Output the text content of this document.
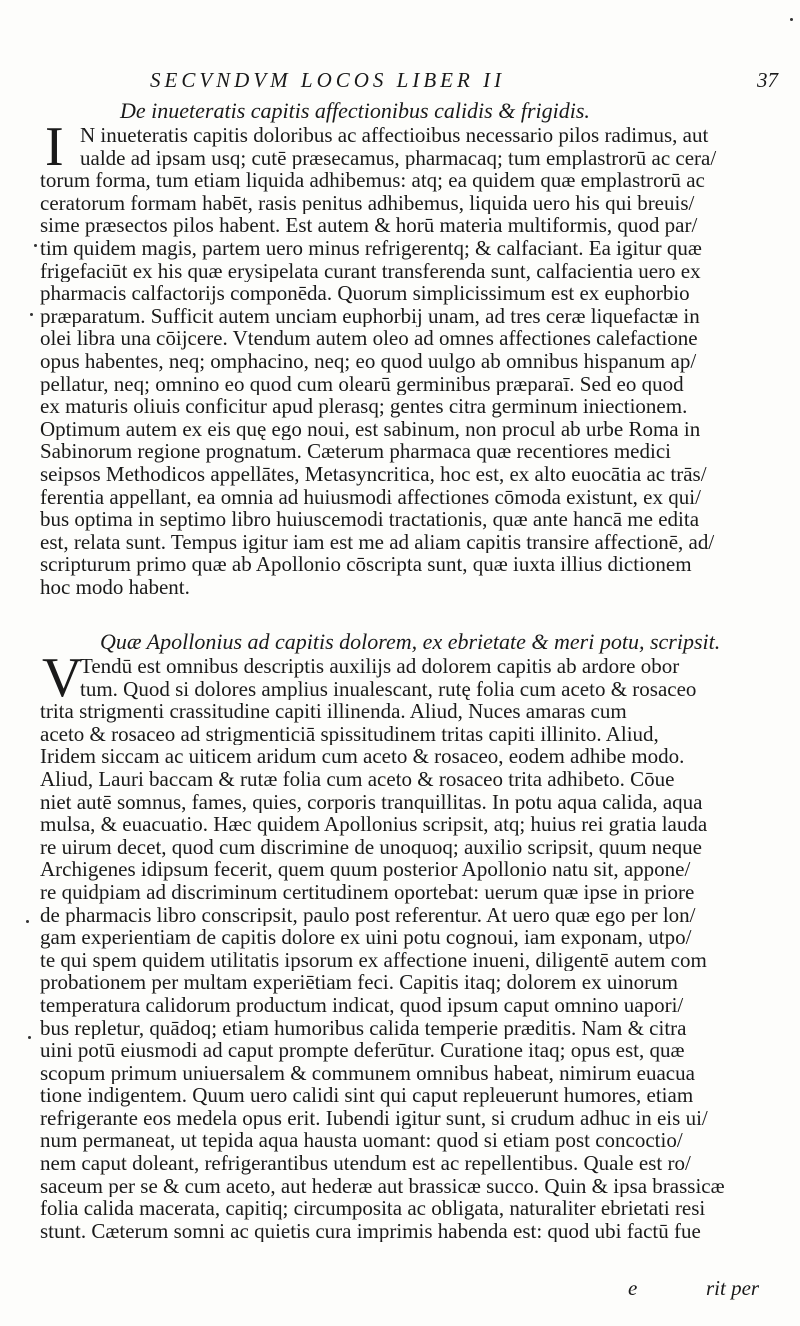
SECVNDVM LOCOS LIBER II	37
De inueteratis capitis affectionibus calidis & frigidis.
I N inueteratis capitis doloribus ac affectioibus necessario pilos radimus, aut
ualde ad ipsam usq; cutē præsecamus, pharmacaq; tum emplastrorū ac cera/
torum forma, tum etiam liquida adhibemus: atq; ea quidem quæ emplastrorū ac
ceratorum formam habēt, rasis penitus adhibemus, liquida uero his qui breuis/
sime præsectos pilos habent. Est autem & horū materia multiformis, quod par/
tim quidem magis, partem uero minus refrigerentq; & calfaciant. Ea igitur quæ
frigefaciūt ex his quæ erysipelata curant transferenda sunt, calfacientia uero ex
pharmacis calfactorijs componēda. Quorum simplicissimum est ex euphorbio
præparatum. Sufficit autem unciam euphorbij unam, ad tres ceræ liquefactæ in
olei libra una cōijcere. Vtendum autem oleo ad omnes affectiones calefactione
opus habentes, neq; omphacino, neq; eo quod uulgo ab omnibus hispanum ap/
pellatur, neq; omnino eo quod cum olearū germinibus præparaī. Sed eo quod
ex maturis oliuis conficitur apud plerasq; gentes citra germinum iniectionem.
Optimum autem ex eis quę ego noui, est sabinum, non procul ab urbe Roma in
Sabinorum regione prognatum. Cæterum pharmaca quæ recentiores medici
seipsos Methodicos appellātes, Metasyncritica, hoc est, ex alto euocātia ac trās/
ferentia appellant, ea omnia ad huiusmodi affectiones cōmoda existunt, ex qui/
bus optima in septimo libro huiuscemodi tractationis, quæ ante hancā me edita
est, relata sunt. Tempus igitur iam est me ad aliam capitis transire affectionē, ad/
scripturum primo quæ ab Apollonio cōscripta sunt, quæ iuxta illius dictionem
hoc modo habent.
Quæ Apollonius ad capitis dolorem, ex ebrietate & meri potu, scripsit.
V
Tendū est omnibus descriptis auxilijs ad dolorem capitis ab ardore obor
tum. Quod si dolores amplius inualescant, rutę folia cum aceto & rosaceo
trita strigmenti crassitudine capiti illinenda. Aliud, Nuces amaras cum
aceto & rosaceo ad strigmenticiā spissitudinem tritas capiti illinito. Aliud,
Iridem siccam ac uiticem aridum cum aceto & rosaceo, eodem adhibe modo.
Aliud, Lauri baccam & rutæ folia cum aceto & rosaceo trita adhibeto. Cōue
niet autē somnus, fames, quies, corporis tranquillitas. In potu aqua calida, aqua
mulsa, & euacuatio. Hæc quidem Apollonius scripsit, atq; huius rei gratia lauda
re uirum decet, quod cum discrimine de unoquoq; auxilio scripsit, quum neque
Archigenes idipsum fecerit, quem quum posterior Apollonio natu sit, appone/
re quidpiam ad discriminum certitudinem oportebat: uerum quæ ipse in priore
de pharmacis libro conscripsit, paulo post referentur. At uero quæ ego per lon/
gam experientiam de capitis dolore ex uini potu cognoui, iam exponam, utpo/
te qui spem quidem utilitatis ipsorum ex affectione inueni, diligentē autem com
probationem per multam experiētiam feci. Capitis itaq; dolorem ex uinorum
temperatura calidorum productum indicat, quod ipsum caput omnino uapori/
bus repletur, quādoq; etiam humoribus calida temperie præditis. Nam & citra
uini potū eiusmodi ad caput prompte deferūtur. Curatione itaq; opus est, quæ
scopum primum uniuersalem & communem omnibus habeat, nimirum euacua
tione indigentem. Quum uero calidi sint qui caput repleuerunt humores, etiam
refrigerante eos medela opus erit. Iubendi igitur sunt, si crudum adhuc in eis ui/
num permaneat, ut tepida aqua hausta uomant: quod si etiam post concoctio/
nem caput doleant, refrigerantibus utendum est ac repellentibus. Quale est ro/
saceum per se & cum aceto, aut hederæ aut brassicæ succo. Quin & ipsa brassicæ
folia calida macerata, capitiq; circumposita ac obligata, naturaliter ebrietati resi
stunt. Cæterum somni ac quietis cura imprimis habenda est: quod ubi factū fue
e	rit per
